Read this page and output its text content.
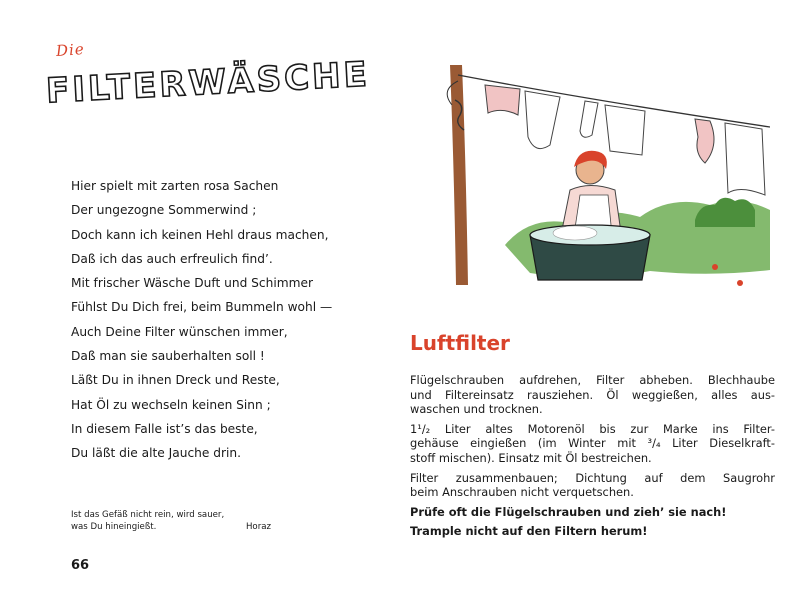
Die
FILTERWÄSCHE
Hier spielt mit zarten rosa Sachen
Der ungezogne Sommerwind ;
Doch kann ich keinen Hehl draus machen,
Daß ich das auch erfreulich find’.
Mit frischer Wäsche Duft und Schimmer
Fühlst Du Dich frei, beim Bummeln wohl —
Auch Deine Filter wünschen immer,
Daß man sie sauberhalten soll !
Läßt Du in ihnen Dreck und Reste,
Hat Öl zu wechseln keinen Sinn ;
In diesem Falle ist’s das beste,
Du läßt die alte Jauche drin.
Ist das Gefäß nicht rein, wird sauer,
was Du hineingießt.	Horaz
66
Luftfilter

Flügelschrauben aufdrehen, Filter abheben. Blechhaube
und Filtereinsatz rausziehen. Öl weggießen, alles aus-
waschen und trocknen.

1¹/₂ Liter altes Motorenöl bis zur Marke ins Filter-
gehäuse eingießen (im Winter mit ³/₄ Liter Dieselkraft-
stoff mischen). Einsatz mit Öl bestreichen.

Filter zusammenbauen; Dichtung auf dem Saugrohr
beim Anschrauben nicht verquetschen.

Prüfe oft die Flügelschrauben und zieh’ sie nach!

Trample nicht auf den Filtern herum!
